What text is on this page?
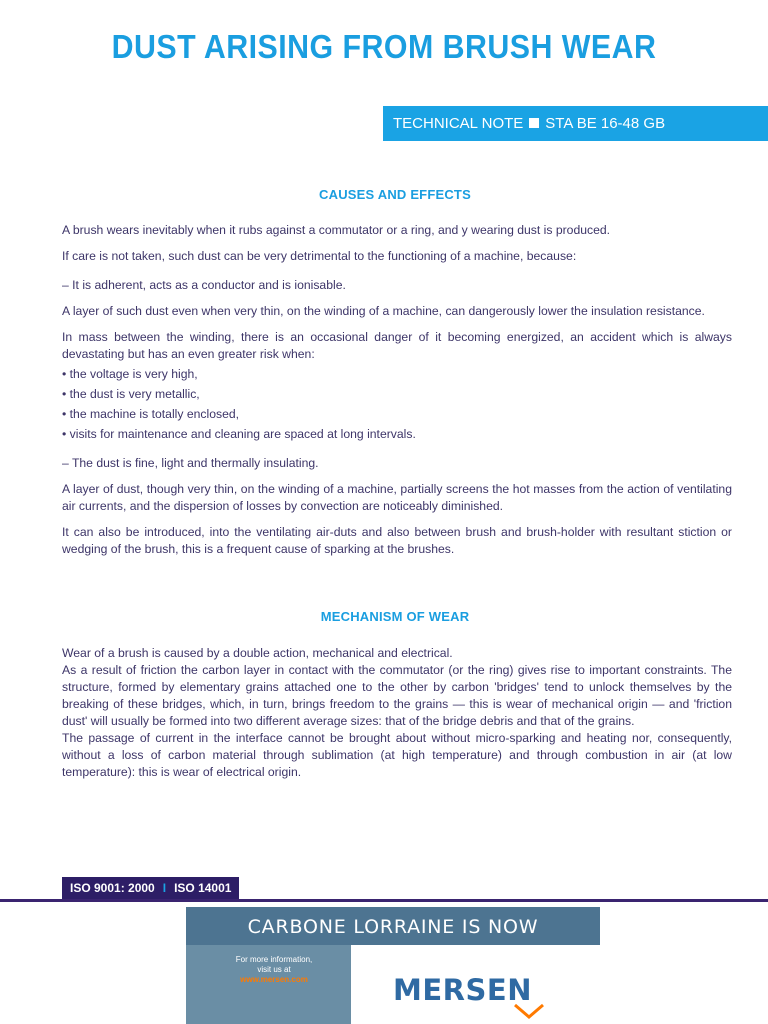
DUST ARISING FROM BRUSH WEAR
TECHNICAL NOTE STA BE 16-48 GB
CAUSES AND EFFECTS

A brush wears inevitably when it rubs against a commutator or a ring, and y wearing dust is produced.

If care is not taken, such dust can be very detrimental to the functioning of a machine, because:

– It is adherent, acts as a conductor and is ionisable.

A layer of such dust even when very thin, on the winding of a machine, can dangerously lower the insulation resistance.

In mass between the winding, there is an occasional danger of it becoming energized, an accident which is always devastating but has an even greater risk when:

• the voltage is very high,

• the dust is very metallic,

• the machine is totally enclosed,

• visits for maintenance and cleaning are spaced at long intervals.

– The dust is fine, light and thermally insulating.

A layer of dust, though very thin, on the winding of a machine, partially screens the hot masses from the action of ventilating air currents, and the dispersion of losses by convection are noticeably diminished.

It can also be introduced, into the ventilating air-duts and also between brush and brush-holder with resultant stiction or wedging of the brush, this is a frequent cause of sparking at the brushes.

MECHANISM OF WEAR

Wear of a brush is caused by a double action, mechanical and electrical.

As a result of friction the carbon layer in contact with the commutator (or the ring) gives rise to important constraints. The structure, formed by elementary grains attached one to the other by carbon 'bridges' tend to unlock themselves by the breaking of these bridges, which, in turn, brings freedom to the grains — this is wear of mechanical origin — and 'friction dust' will usually be formed into two different average sizes: that of the bridge debris and that of the grains.

The passage of current in the interface cannot be brought about without micro-sparking and heating nor, consequently, without a loss of carbon material through sublimation (at high temperature) and through combustion in air (at low temperature): this is wear of electrical origin.

ISO 9001: 2000 I ISO 14001
CARBONE LORRAINE IS NOW
For more information,
visit us at
www.mersen.com	MERSEN
